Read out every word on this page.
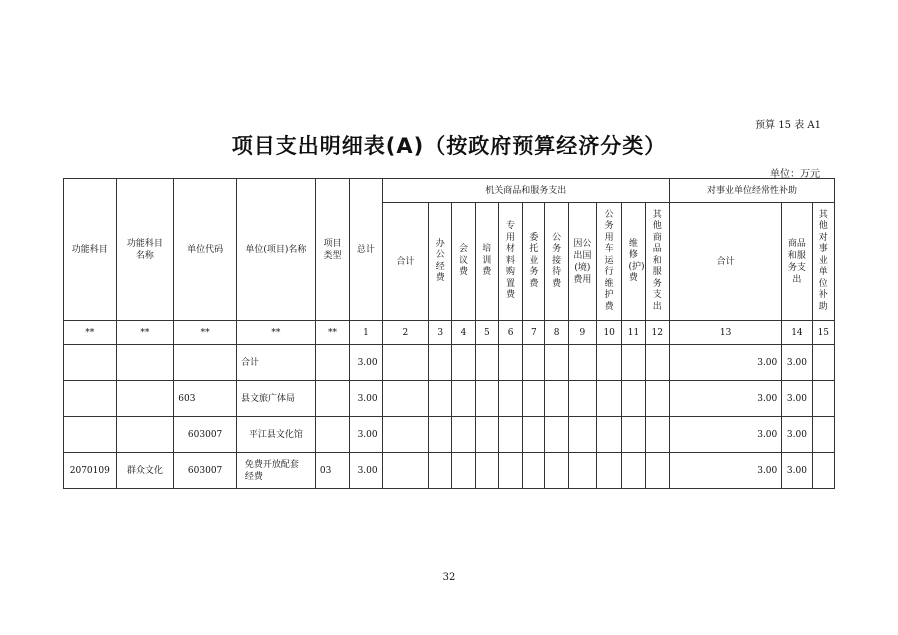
预算 15 表 A1
项目支出明细表(A)（按政府预算经济分类）
单位：万元
功能科目	功能科目名称	单位代码	单位(项目)名称	项目类型	总计	机关商品和服务支出											对事业单位经常性补助		
						合计	办公经费	会议费	培训费	专用材料购置费	委托业务费	公务接待费	因公出国(境)费用	公务用车运行维护费	维修(护)费	其他商品和服务支出	合计	商品和服务支出	其他对事业单位补助
**	**	**	**	**	1	2	3	4	5	6	7	8	9	10	11	12	13	14	15
			合计		3.00												3.00	3.00	
		603	县文旅广体局		3.00												3.00	3.00	
		603007	平江县文化馆		3.00												3.00	3.00	
2070109	群众文化	603007	免费开放配套经费	03	3.00												3.00	3.00	
32
